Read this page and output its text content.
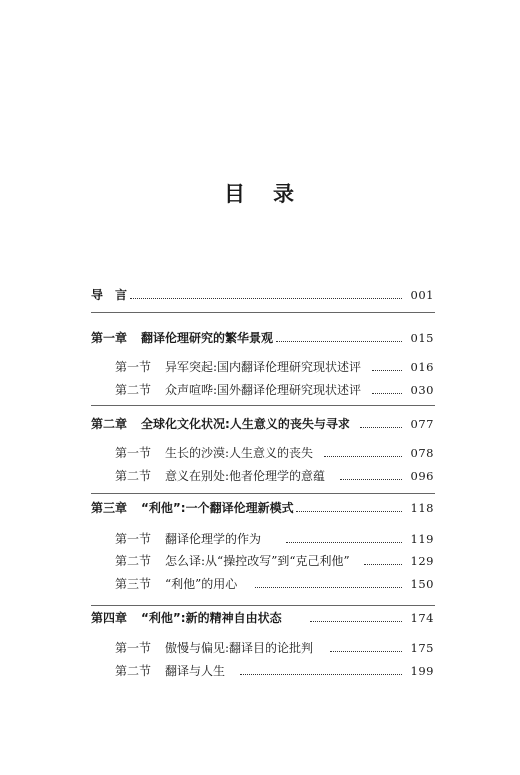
目 录
导　言	001
第一章 翻译伦理研究的繁华景观	015
第一节 异军突起:国内翻译伦理研究现状述评	016
第二节 众声喧哗:国外翻译伦理研究现状述评	030
第二章 全球化文化状况:人生意义的丧失与寻求	077
第一节 生长的沙漠:人生意义的丧失	078
第二节 意义在别处:他者伦理学的意蕴	096
第三章 “利他”:一个翻译伦理新模式	118
第一节 翻译伦理学的作为	119
第二节 怎么译:从“操控改写”到“克己利他”	129
第三节 “利他”的用心	150
第四章 “利他”:新的精神自由状态	174
第一节 傲慢与偏见:翻译目的论批判	175
第二节 翻译与人生	199
